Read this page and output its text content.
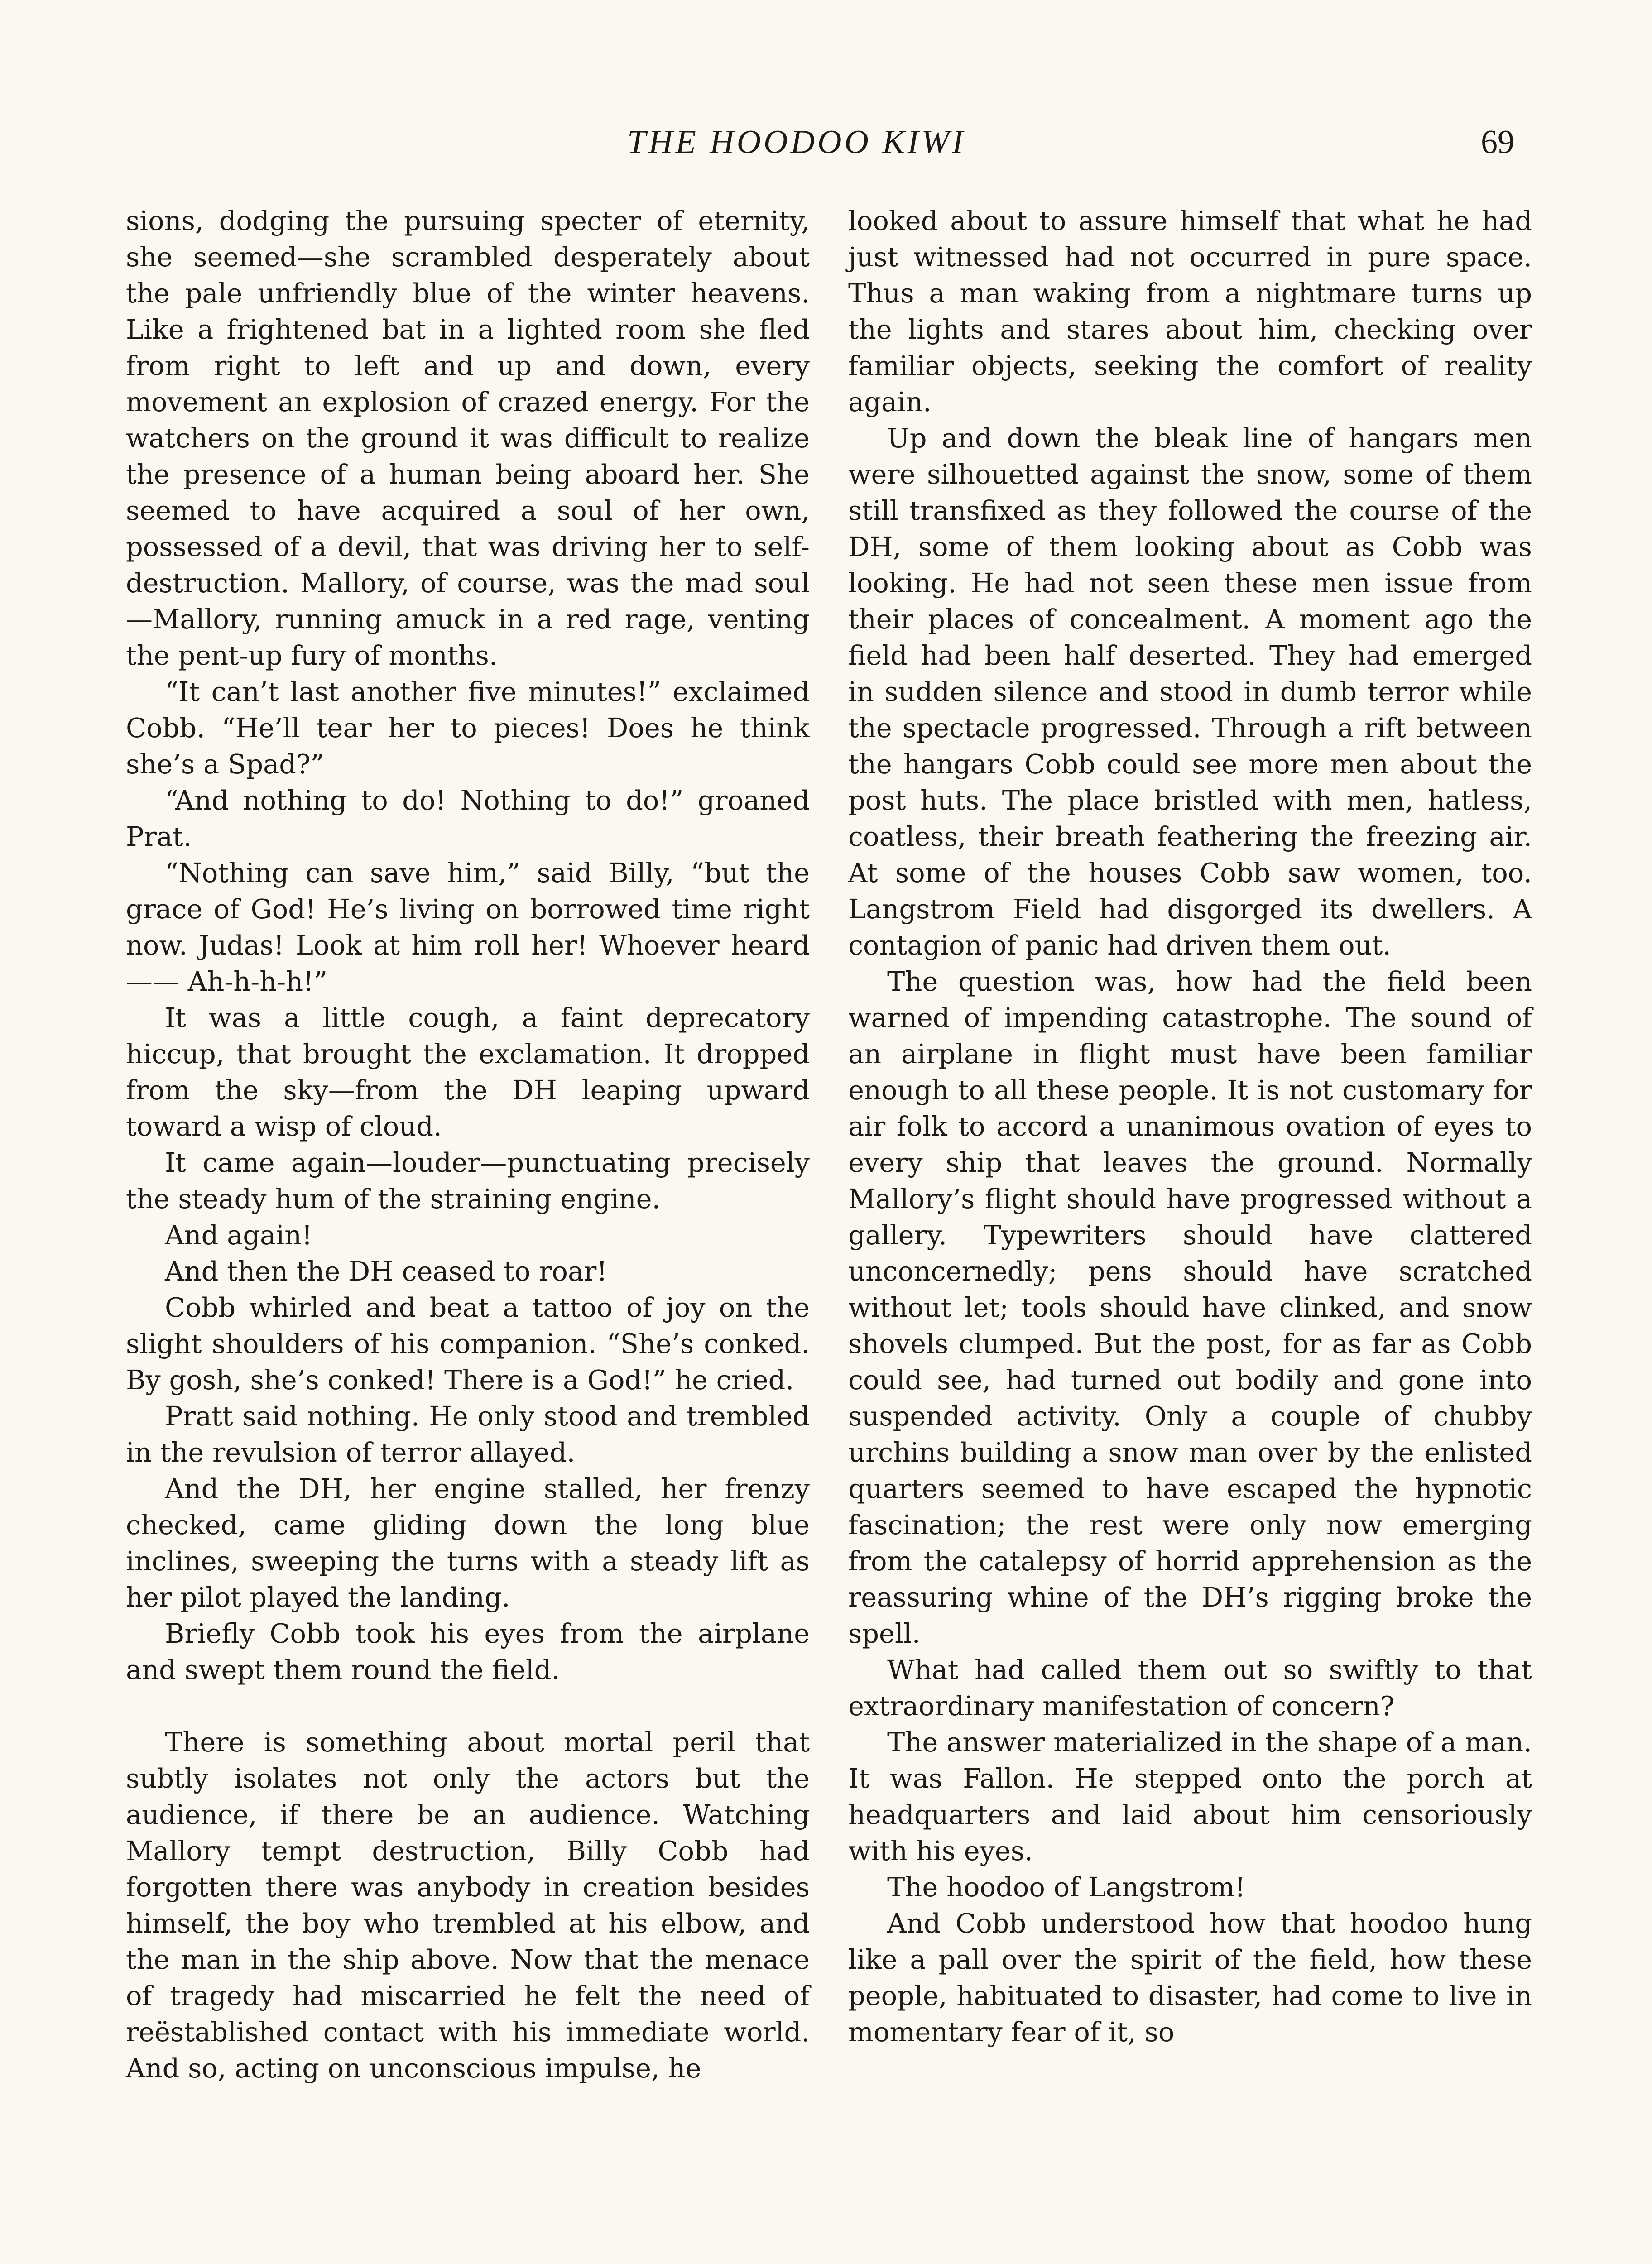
THE HOODOO KIWI	69

sions, dodging the pursuing specter of eternity, she seemed—she scrambled desperately about the pale unfriendly blue of the winter heavens. Like a frightened bat in a lighted room she fled from right to left and up and down, every movement an explosion of crazed energy. For the watchers on the ground it was difficult to realize the presence of a human being aboard her. She seemed to have acquired a soul of her own, possessed of a devil, that was driving her to self-destruction. Mallory, of course, was the mad soul—Mallory, running amuck in a red rage, venting the pent-up fury of months.

“It can’t last another five minutes!” exclaimed Cobb. “He’ll tear her to pieces! Does he think she’s a Spad?”

“And nothing to do! Nothing to do!” groaned Prat.

“Nothing can save him,” said Billy, “but the grace of God! He’s living on borrowed time right now. Judas! Look at him roll her! Whoever heard—— Ah-h-h-h!”

It was a little cough, a faint deprecatory hiccup, that brought the exclamation. It dropped from the sky—from the DH leaping upward toward a wisp of cloud.

It came again—louder—punctuating precisely the steady hum of the straining engine.

And again!

And then the DH ceased to roar!

Cobb whirled and beat a tattoo of joy on the slight shoulders of his companion. “She’s conked. By gosh, she’s conked! There is a God!” he cried.

Pratt said nothing. He only stood and trembled in the revulsion of terror allayed.

And the DH, her engine stalled, her frenzy checked, came gliding down the long blue inclines, sweeping the turns with a steady lift as her pilot played the landing.

Briefly Cobb took his eyes from the airplane and swept them round the field.

There is something about mortal peril that subtly isolates not only the actors but the audience, if there be an audience. Watching Mallory tempt destruction, Billy Cobb had forgotten there was anybody in creation besides himself, the boy who trembled at his elbow, and the man in the ship above. Now that the menace of tragedy had miscarried he felt the need of reëstablished contact with his immediate world. And so, acting on unconscious impulse, he

looked about to assure himself that what he had just witnessed had not occurred in pure space. Thus a man waking from a nightmare turns up the lights and stares about him, checking over familiar objects, seeking the comfort of reality again.

Up and down the bleak line of hangars men were silhouetted against the snow, some of them still transfixed as they followed the course of the DH, some of them looking about as Cobb was looking. He had not seen these men issue from their places of concealment. A moment ago the field had been half deserted. They had emerged in sudden silence and stood in dumb terror while the spectacle progressed. Through a rift between the hangars Cobb could see more men about the post huts. The place bristled with men, hatless, coatless, their breath feathering the freezing air. At some of the houses Cobb saw women, too. Langstrom Field had disgorged its dwellers. A contagion of panic had driven them out.

The question was, how had the field been warned of impending catastrophe. The sound of an airplane in flight must have been familiar enough to all these people. It is not customary for air folk to accord a unanimous ovation of eyes to every ship that leaves the ground. Normally Mallory’s flight should have progressed without a gallery. Typewriters should have clattered unconcernedly; pens should have scratched without let; tools should have clinked, and snow shovels clumped. But the post, for as far as Cobb could see, had turned out bodily and gone into suspended activity. Only a couple of chubby urchins building a snow man over by the enlisted quarters seemed to have escaped the hypnotic fascination; the rest were only now emerging from the catalepsy of horrid apprehension as the reassuring whine of the DH’s rigging broke the spell.

What had called them out so swiftly to that extraordinary manifestation of concern?

The answer materialized in the shape of a man. It was Fallon. He stepped onto the porch at headquarters and laid about him censoriously with his eyes.

The hoodoo of Langstrom!

And Cobb understood how that hoodoo hung like a pall over the spirit of the field, how these people, habituated to disaster, had come to live in momentary fear of it, so
